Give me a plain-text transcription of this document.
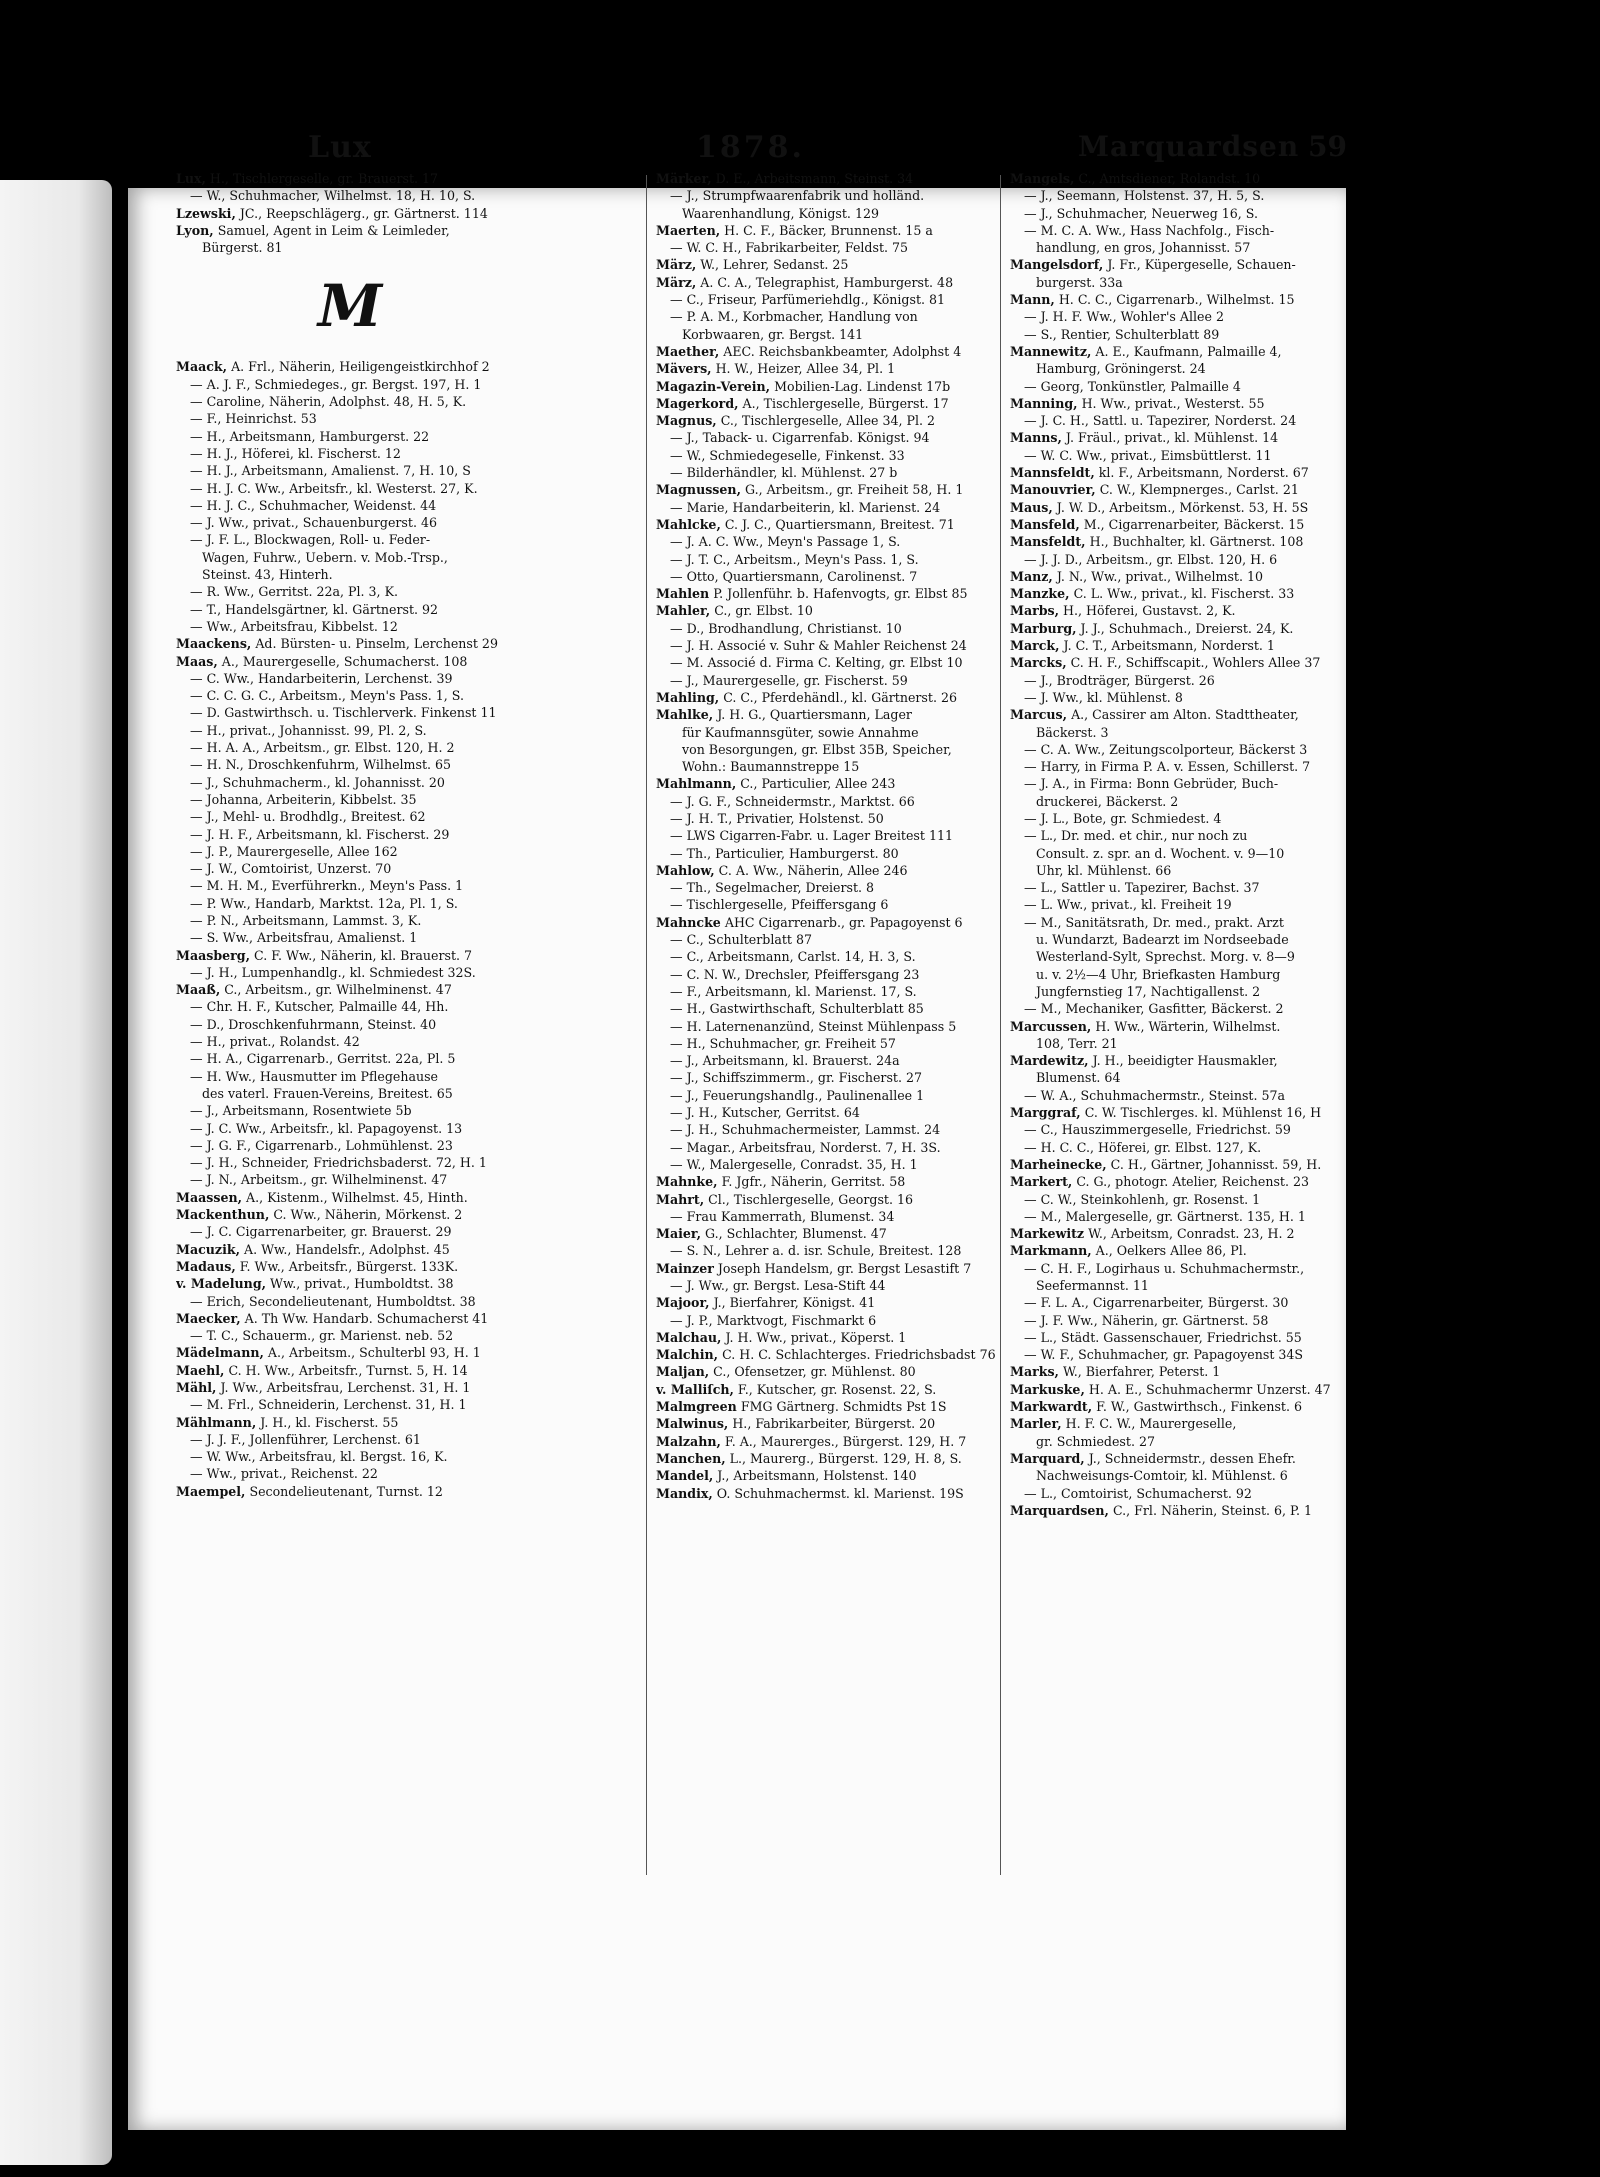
Lux	1878.	Marquardsen 59
Lux, H., Tischlergeselle, gr. Brauerst. 17
— W., Schuhmacher, Wilhelmst. 18, H. 10, S.
Lzewski, JC., Reepschlägerg., gr. Gärtnerst. 114
Lyon, Samuel, Agent in Leim & Leimleder,
Bürgerst. 81
M
Maack, A. Frl., Näherin, Heiligengeistkirchhof 2
— A. J. F., Schmiedeges., gr. Bergst. 197, H. 1
— Caroline, Näherin, Adolphst. 48, H. 5, K.
— F., Heinrichst. 53
— H., Arbeitsmann, Hamburgerst. 22
— H. J., Höferei, kl. Fischerst. 12
— H. J., Arbeitsmann, Amalienst. 7, H. 10, S
— H. J. C. Ww., Arbeitsfr., kl. Westerst. 27, K.
— H. J. C., Schuhmacher, Weidenst. 44
— J. Ww., privat., Schauenburgerst. 46
— J. F. L., Blockwagen, Roll- u. Feder-
Wagen, Fuhrw., Uebern. v. Mob.-Trsp.,
Steinst. 43, Hinterh.
— R. Ww., Gerritst. 22a, Pl. 3, K.
— T., Handelsgärtner, kl. Gärtnerst. 92
— Ww., Arbeitsfrau, Kibbelst. 12
Maackens, Ad. Bürsten- u. Pinselm, Lerchenst 29
Maas, A., Maurergeselle, Schumacherst. 108
— C. Ww., Handarbeiterin, Lerchenst. 39
— C. C. G. C., Arbeitsm., Meyn's Pass. 1, S.
— D. Gastwirthsch. u. Tischlerverk. Finkenst 11
— H., privat., Johannisst. 99, Pl. 2, S.
— H. A. A., Arbeitsm., gr. Elbst. 120, H. 2
— H. N., Droschkenfuhrm, Wilhelmst. 65
— J., Schuhmacherm., kl. Johannisst. 20
— Johanna, Arbeiterin, Kibbelst. 35
— J., Mehl- u. Brodhdlg., Breitest. 62
— J. H. F., Arbeitsmann, kl. Fischerst. 29
— J. P., Maurergeselle, Allee 162
— J. W., Comtoirist, Unzerst. 70
— M. H. M., Everführerkn., Meyn's Pass. 1
— P. Ww., Handarb, Marktst. 12a, Pl. 1, S.
— P. N., Arbeitsmann, Lammst. 3, K.
— S. Ww., Arbeitsfrau, Amalienst. 1
Maasberg, C. F. Ww., Näherin, kl. Brauerst. 7
— J. H., Lumpenhandlg., kl. Schmiedest 32S.
Maaß, C., Arbeitsm., gr. Wilhelminenst. 47
— Chr. H. F., Kutscher, Palmaille 44, Hh.
— D., Droschkenfuhrmann, Steinst. 40
— H., privat., Rolandst. 42
— H. A., Cigarrenarb., Gerritst. 22a, Pl. 5
— H. Ww., Hausmutter im Pflegehause
des vaterl. Frauen-Vereins, Breitest. 65
— J., Arbeitsmann, Rosentwiete 5b
— J. C. Ww., Arbeitsfr., kl. Papagoyenst. 13
— J. G. F., Cigarrenarb., Lohmühlenst. 23
— J. H., Schneider, Friedrichsbaderst. 72, H. 1
— J. N., Arbeitsm., gr. Wilhelminenst. 47
Maassen, A., Kistenm., Wilhelmst. 45, Hinth.
Mackenthun, C. Ww., Näherin, Mörkenst. 2
— J. C. Cigarrenarbeiter, gr. Brauerst. 29
Macuzik, A. Ww., Handelsfr., Adolphst. 45
Madaus, F. Ww., Arbeitsfr., Bürgerst. 133K.
v. Madelung, Ww., privat., Humboldtst. 38
— Erich, Secondelieutenant, Humboldtst. 38
Maecker, A. Th Ww. Handarb. Schumacherst 41
— T. C., Schauerm., gr. Marienst. neb. 52
Mädelmann, A., Arbeitsm., Schulterbl 93, H. 1
Maehl, C. H. Ww., Arbeitsfr., Turnst. 5, H. 14
Mähl, J. Ww., Arbeitsfrau, Lerchenst. 31, H. 1
— M. Frl., Schneiderin, Lerchenst. 31, H. 1
Mählmann, J. H., kl. Fischerst. 55
— J. J. F., Jollenführer, Lerchenst. 61
— W. Ww., Arbeitsfrau, kl. Bergst. 16, K.
— Ww., privat., Reichenst. 22
Maempel, Secondelieutenant, Turnst. 12
Märker, D. E., Arbeitsmann, Steinst. 34
— J., Strumpfwaarenfabrik und holländ.
Waarenhandlung, Königst. 129
Maerten, H. C. F., Bäcker, Brunnenst. 15 a
— W. C. H., Fabrikarbeiter, Feldst. 75
März, W., Lehrer, Sedanst. 25
März, A. C. A., Telegraphist, Hamburgerst. 48
— C., Friseur, Parfümeriehdlg., Königst. 81
— P. A. M., Korbmacher, Handlung von
Korbwaaren, gr. Bergst. 141
Maether, AEC. Reichsbankbeamter, Adolphst 4
Mävers, H. W., Heizer, Allee 34, Pl. 1
Magazin-Verein, Mobilien-Lag. Lindenst 17b
Magerkord, A., Tischlergeselle, Bürgerst. 17
Magnus, C., Tischlergeselle, Allee 34, Pl. 2
— J., Taback- u. Cigarrenfab. Königst. 94
— W., Schmiedegeselle, Finkenst. 33
— Bilderhändler, kl. Mühlenst. 27 b
Magnussen, G., Arbeitsm., gr. Freiheit 58, H. 1
— Marie, Handarbeiterin, kl. Marienst. 24
Mahlcke, C. J. C., Quartiersmann, Breitest. 71
— J. A. C. Ww., Meyn's Passage 1, S.
— J. T. C., Arbeitsm., Meyn's Pass. 1, S.
— Otto, Quartiersmann, Carolinenst. 7
Mahlen P. Jollenführ. b. Hafenvogts, gr. Elbst 85
Mahler, C., gr. Elbst. 10
— D., Brodhandlung, Christianst. 10
— J. H. Associé v. Suhr & Mahler Reichenst 24
— M. Associé d. Firma C. Kelting, gr. Elbst 10
— J., Maurergeselle, gr. Fischerst. 59
Mahling, C. C., Pferdehändl., kl. Gärtnerst. 26
Mahlke, J. H. G., Quartiersmann, Lager
für Kaufmannsgüter, sowie Annahme
von Besorgungen, gr. Elbst 35B, Speicher,
Wohn.: Baumannstreppe 15
Mahlmann, C., Particulier, Allee 243
— J. G. F., Schneidermstr., Marktst. 66
— J. H. T., Privatier, Holstenst. 50
— LWS Cigarren-Fabr. u. Lager Breitest 111
— Th., Particulier, Hamburgerst. 80
Mahlow, C. A. Ww., Näherin, Allee 246
— Th., Segelmacher, Dreierst. 8
— Tischlergeselle, Pfeiffersgang 6
Mahncke AHC Cigarrenarb., gr. Papagoyenst 6
— C., Schulterblatt 87
— C., Arbeitsmann, Carlst. 14, H. 3, S.
— C. N. W., Drechsler, Pfeiffersgang 23
— F., Arbeitsmann, kl. Marienst. 17, S.
— H., Gastwirthschaft, Schulterblatt 85
— H. Laternenanzünd, Steinst Mühlenpass 5
— H., Schuhmacher, gr. Freiheit 57
— J., Arbeitsmann, kl. Brauerst. 24a
— J., Schiffszimmerm., gr. Fischerst. 27
— J., Feuerungshandlg., Paulinenallee 1
— J. H., Kutscher, Gerritst. 64
— J. H., Schuhmachermeister, Lammst. 24
— Magar., Arbeitsfrau, Norderst. 7, H. 3S.
— W., Malergeselle, Conradst. 35, H. 1
Mahnke, F. Jgfr., Näherin, Gerritst. 58
Mahrt, Cl., Tischlergeselle, Georgst. 16
— Frau Kammerrath, Blumenst. 34
Maier, G., Schlachter, Blumenst. 47
— S. N., Lehrer a. d. isr. Schule, Breitest. 128
Mainzer Joseph Handelsm, gr. Bergst Lesastift 7
— J. Ww., gr. Bergst. Lesa-Stift 44
Majoor, J., Bierfahrer, Königst. 41
— J. P., Marktvogt, Fischmarkt 6
Malchau, J. H. Ww., privat., Köperst. 1
Malchin, C. H. C. Schlachterges. Friedrichsbadst 76
Maljan, C., Ofensetzer, gr. Mühlenst. 80
v. Malliſch, F., Kutscher, gr. Rosenst. 22, S.
Malmgreen FMG Gärtnerg. Schmidts Pst 1S
Malwinus, H., Fabrikarbeiter, Bürgerst. 20
Malzahn, F. A., Maurerges., Bürgerst. 129, H. 7
Manchen, L., Maurerg., Bürgerst. 129, H. 8, S.
Mandel, J., Arbeitsmann, Holstenst. 140
Mandix, O. Schuhmachermst. kl. Marienst. 19S
Mangels, C., Amtsdiener, Rolandst. 10
— J., Seemann, Holstenst. 37, H. 5, S.
— J., Schuhmacher, Neuerweg 16, S.
— M. C. A. Ww., Hass Nachfolg., Fisch-
handlung, en gros, Johannisst. 57
Mangelsdorf, J. Fr., Küpergeselle, Schauen-
burgerst. 33a
Mann, H. C. C., Cigarrenarb., Wilhelmst. 15
— J. H. F. Ww., Wohler's Allee 2
— S., Rentier, Schulterblatt 89
Mannewitz, A. E., Kaufmann, Palmaille 4,
Hamburg, Gröningerst. 24
— Georg, Tonkünstler, Palmaille 4
Manning, H. Ww., privat., Westerst. 55
— J. C. H., Sattl. u. Tapezirer, Norderst. 24
Manns, J. Fräul., privat., kl. Mühlenst. 14
— W. C. Ww., privat., Eimsbüttlerst. 11
Mannsfeldt, kl. F., Arbeitsmann, Norderst. 67
Manouvrier, C. W., Klempnerges., Carlst. 21
Maus, J. W. D., Arbeitsm., Mörkenst. 53, H. 5S
Mansfeld, M., Cigarrenarbeiter, Bäckerst. 15
Mansfeldt, H., Buchhalter, kl. Gärtnerst. 108
— J. J. D., Arbeitsm., gr. Elbst. 120, H. 6
Manz, J. N., Ww., privat., Wilhelmst. 10
Manzke, C. L. Ww., privat., kl. Fischerst. 33
Marbs, H., Höferei, Gustavst. 2, K.
Marburg, J. J., Schuhmach., Dreierst. 24, K.
Marck, J. C. T., Arbeitsmann, Norderst. 1
Marcks, C. H. F., Schiffscapit., Wohlers Allee 37
— J., Brodträger, Bürgerst. 26
— J. Ww., kl. Mühlenst. 8
Marcus, A., Cassirer am Alton. Stadttheater,
Bäckerst. 3
— C. A. Ww., Zeitungscolporteur, Bäckerst 3
— Harry, in Firma P. A. v. Essen, Schillerst. 7
— J. A., in Firma: Bonn Gebrüder, Buch-
druckerei, Bäckerst. 2
— J. L., Bote, gr. Schmiedest. 4
— L., Dr. med. et chir., nur noch zu
Consult. z. spr. an d. Wochent. v. 9—10
Uhr, kl. Mühlenst. 66
— L., Sattler u. Tapezirer, Bachst. 37
— L. Ww., privat., kl. Freiheit 19
— M., Sanitätsrath, Dr. med., prakt. Arzt
u. Wundarzt, Badearzt im Nordseebade
Westerland-Sylt, Sprechst. Morg. v. 8—9
u. v. 2½—4 Uhr, Briefkasten Hamburg
Jungfernstieg 17, Nachtigallenst. 2
— M., Mechaniker, Gasfitter, Bäckerst. 2
Marcussen, H. Ww., Wärterin, Wilhelmst.
108, Terr. 21
Mardewitz, J. H., beeidigter Hausmakler,
Blumenst. 64
— W. A., Schuhmachermstr., Steinst. 57a
Marggraf, C. W. Tischlerges. kl. Mühlenst 16, H
— C., Hauszimmergeselle, Friedrichst. 59
— H. C. C., Höferei, gr. Elbst. 127, K.
Marheinecke, C. H., Gärtner, Johannisst. 59, H.
Markert, C. G., photogr. Atelier, Reichenst. 23
— C. W., Steinkohlenh, gr. Rosenst. 1
— M., Malergeselle, gr. Gärtnerst. 135, H. 1
Markewitz W., Arbeitsm, Conradst. 23, H. 2
Markmann, A., Oelkers Allee 86, Pl.
— C. H. F., Logirhaus u. Schuhmachermstr.,
Seefermannst. 11
— F. L. A., Cigarrenarbeiter, Bürgerst. 30
— J. F. Ww., Näherin, gr. Gärtnerst. 58
— L., Städt. Gassenschauer, Friedrichst. 55
— W. F., Schuhmacher, gr. Papagoyenst 34S
Marks, W., Bierfahrer, Peterst. 1
Markuske, H. A. E., Schuhmachermr Unzerst. 47
Markwardt, F. W., Gastwirthsch., Finkenst. 6
Marler, H. F. C. W., Maurergeselle,
gr. Schmiedest. 27
Marquard, J., Schneidermstr., dessen Ehefr.
Nachweisungs-Comtoir, kl. Mühlenst. 6
— L., Comtoirist, Schumacherst. 92
Marquardsen, C., Frl. Näherin, Steinst. 6, P. 1
